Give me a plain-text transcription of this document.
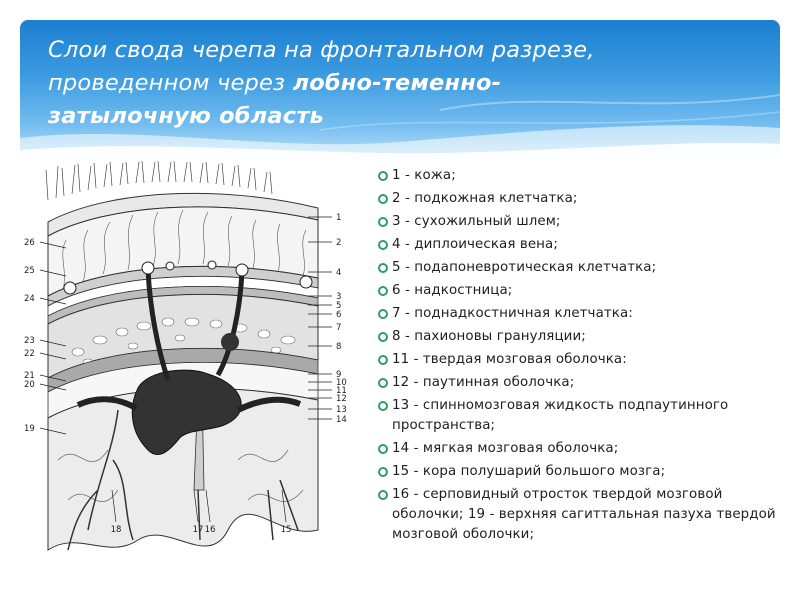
Слои свода черепа на фронтальном разрезе,
проведенном через лобно-теменно-
затылочную область
1
2
4
3
5
6
7
8
9
10
11
12
13
14
26
25
24
23
22
21
20
19
18	17 16	15
1 - кожа;
2 - подкожная клетчатка;
3 - сухожильный шлем;
4 - диплоическая вена;
5 - подапоневротическая клетчатка;
6 - надкостница;
7 - поднадкостничная клетчатка:
8 - пахионовы грануляции;
11 - твердая мозговая оболочка:
12 - паутинная оболочка;
13 - спинномозговая жидкость подпаутинного пространства;
14 - мягкая мозговая оболочка;
15 - кора полушарий большого мозга;
16 - серповидный отросток твердой мозговой оболочки; 19 - верхняя сагиттальная пазуха твердой мозговой оболочки;
